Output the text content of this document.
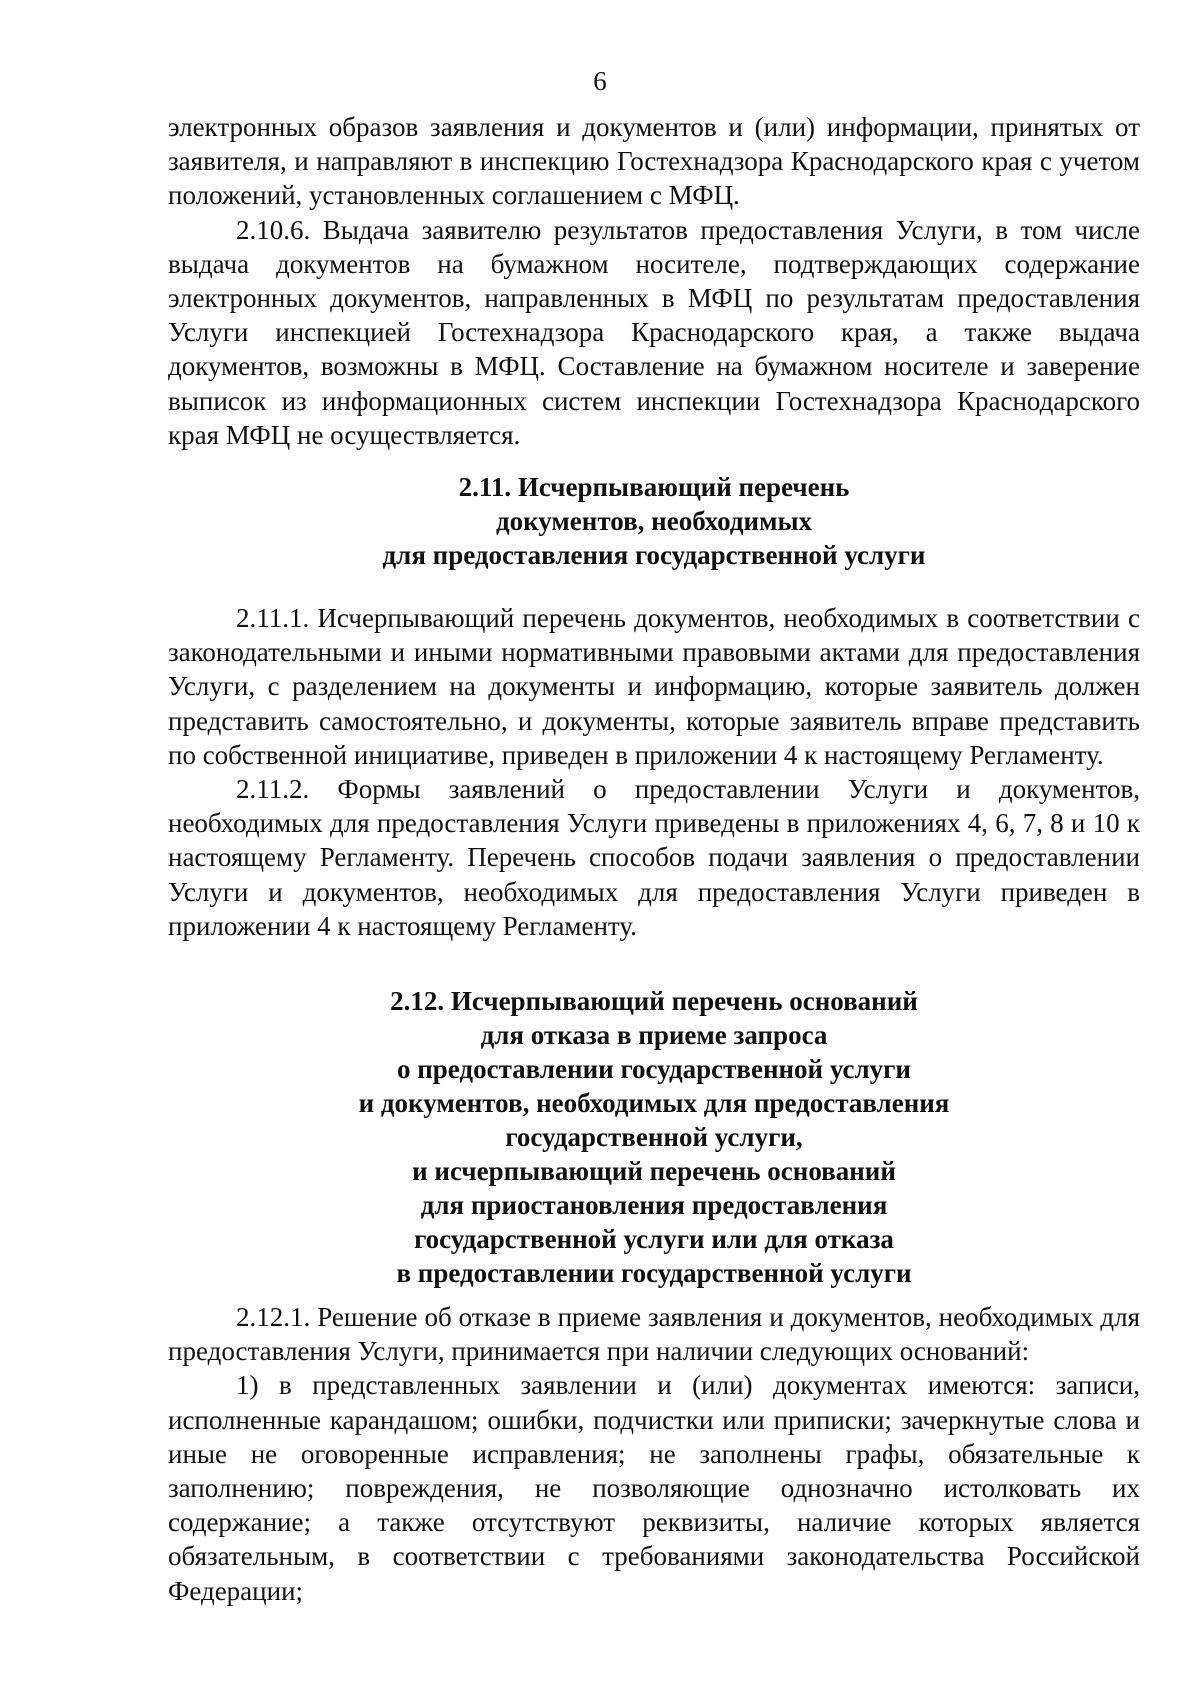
6

электронных образов заявления и документов и (или) информации, принятых от заявителя, и направляют в инспекцию Гостехнадзора Краснодарского края с учетом положений, установленных соглашением с МФЦ.

2.10.6. Выдача заявителю результатов предоставления Услуги, в том числе выдача документов на бумажном носителе, подтверждающих содержание электронных документов, направленных в МФЦ по результатам предоставления Услуги инспекцией Гостехнадзора Краснодарского края, а также выдача документов, возможны в МФЦ. Составление на бумажном носителе и заверение выписок из информационных систем инспекции Гостехнадзора Краснодарского края МФЦ не осуществляется.

2.11. Исчерпывающий перечень
документов, необходимых
для предоставления государственной услуги

2.11.1. Исчерпывающий перечень документов, необходимых в соответствии с законодательными и иными нормативными правовыми актами для предоставления Услуги, с разделением на документы и информацию, которые заявитель должен представить самостоятельно, и документы, которые заявитель вправе представить по собственной инициативе, приведен в приложении 4 к настоящему Регламенту.

2.11.2. Формы заявлений о предоставлении Услуги и документов, необходимых для предоставления Услуги приведены в приложениях 4, 6, 7, 8 и 10 к настоящему Регламенту. Перечень способов подачи заявления о предоставлении Услуги и документов, необходимых для предоставления Услуги приведен в приложении 4 к настоящему Регламенту.

2.12. Исчерпывающий перечень оснований
для отказа в приеме запроса
о предоставлении государственной услуги
и документов, необходимых для предоставления
государственной услуги,
и исчерпывающий перечень оснований
для приостановления предоставления
государственной услуги или для отказа
в предоставлении государственной услуги

2.12.1. Решение об отказе в приеме заявления и документов, необходимых для предоставления Услуги, принимается при наличии следующих оснований:

1) в представленных заявлении и (или) документах имеются: записи, исполненные карандашом; ошибки, подчистки или приписки; зачеркнутые слова и иные не оговоренные исправления; не заполнены графы, обязательные к заполнению; повреждения, не позволяющие однозначно истолковать их содержание; а также отсутствуют реквизиты, наличие которых является обязательным, в соответствии с требованиями законодательства Российской Федерации;
